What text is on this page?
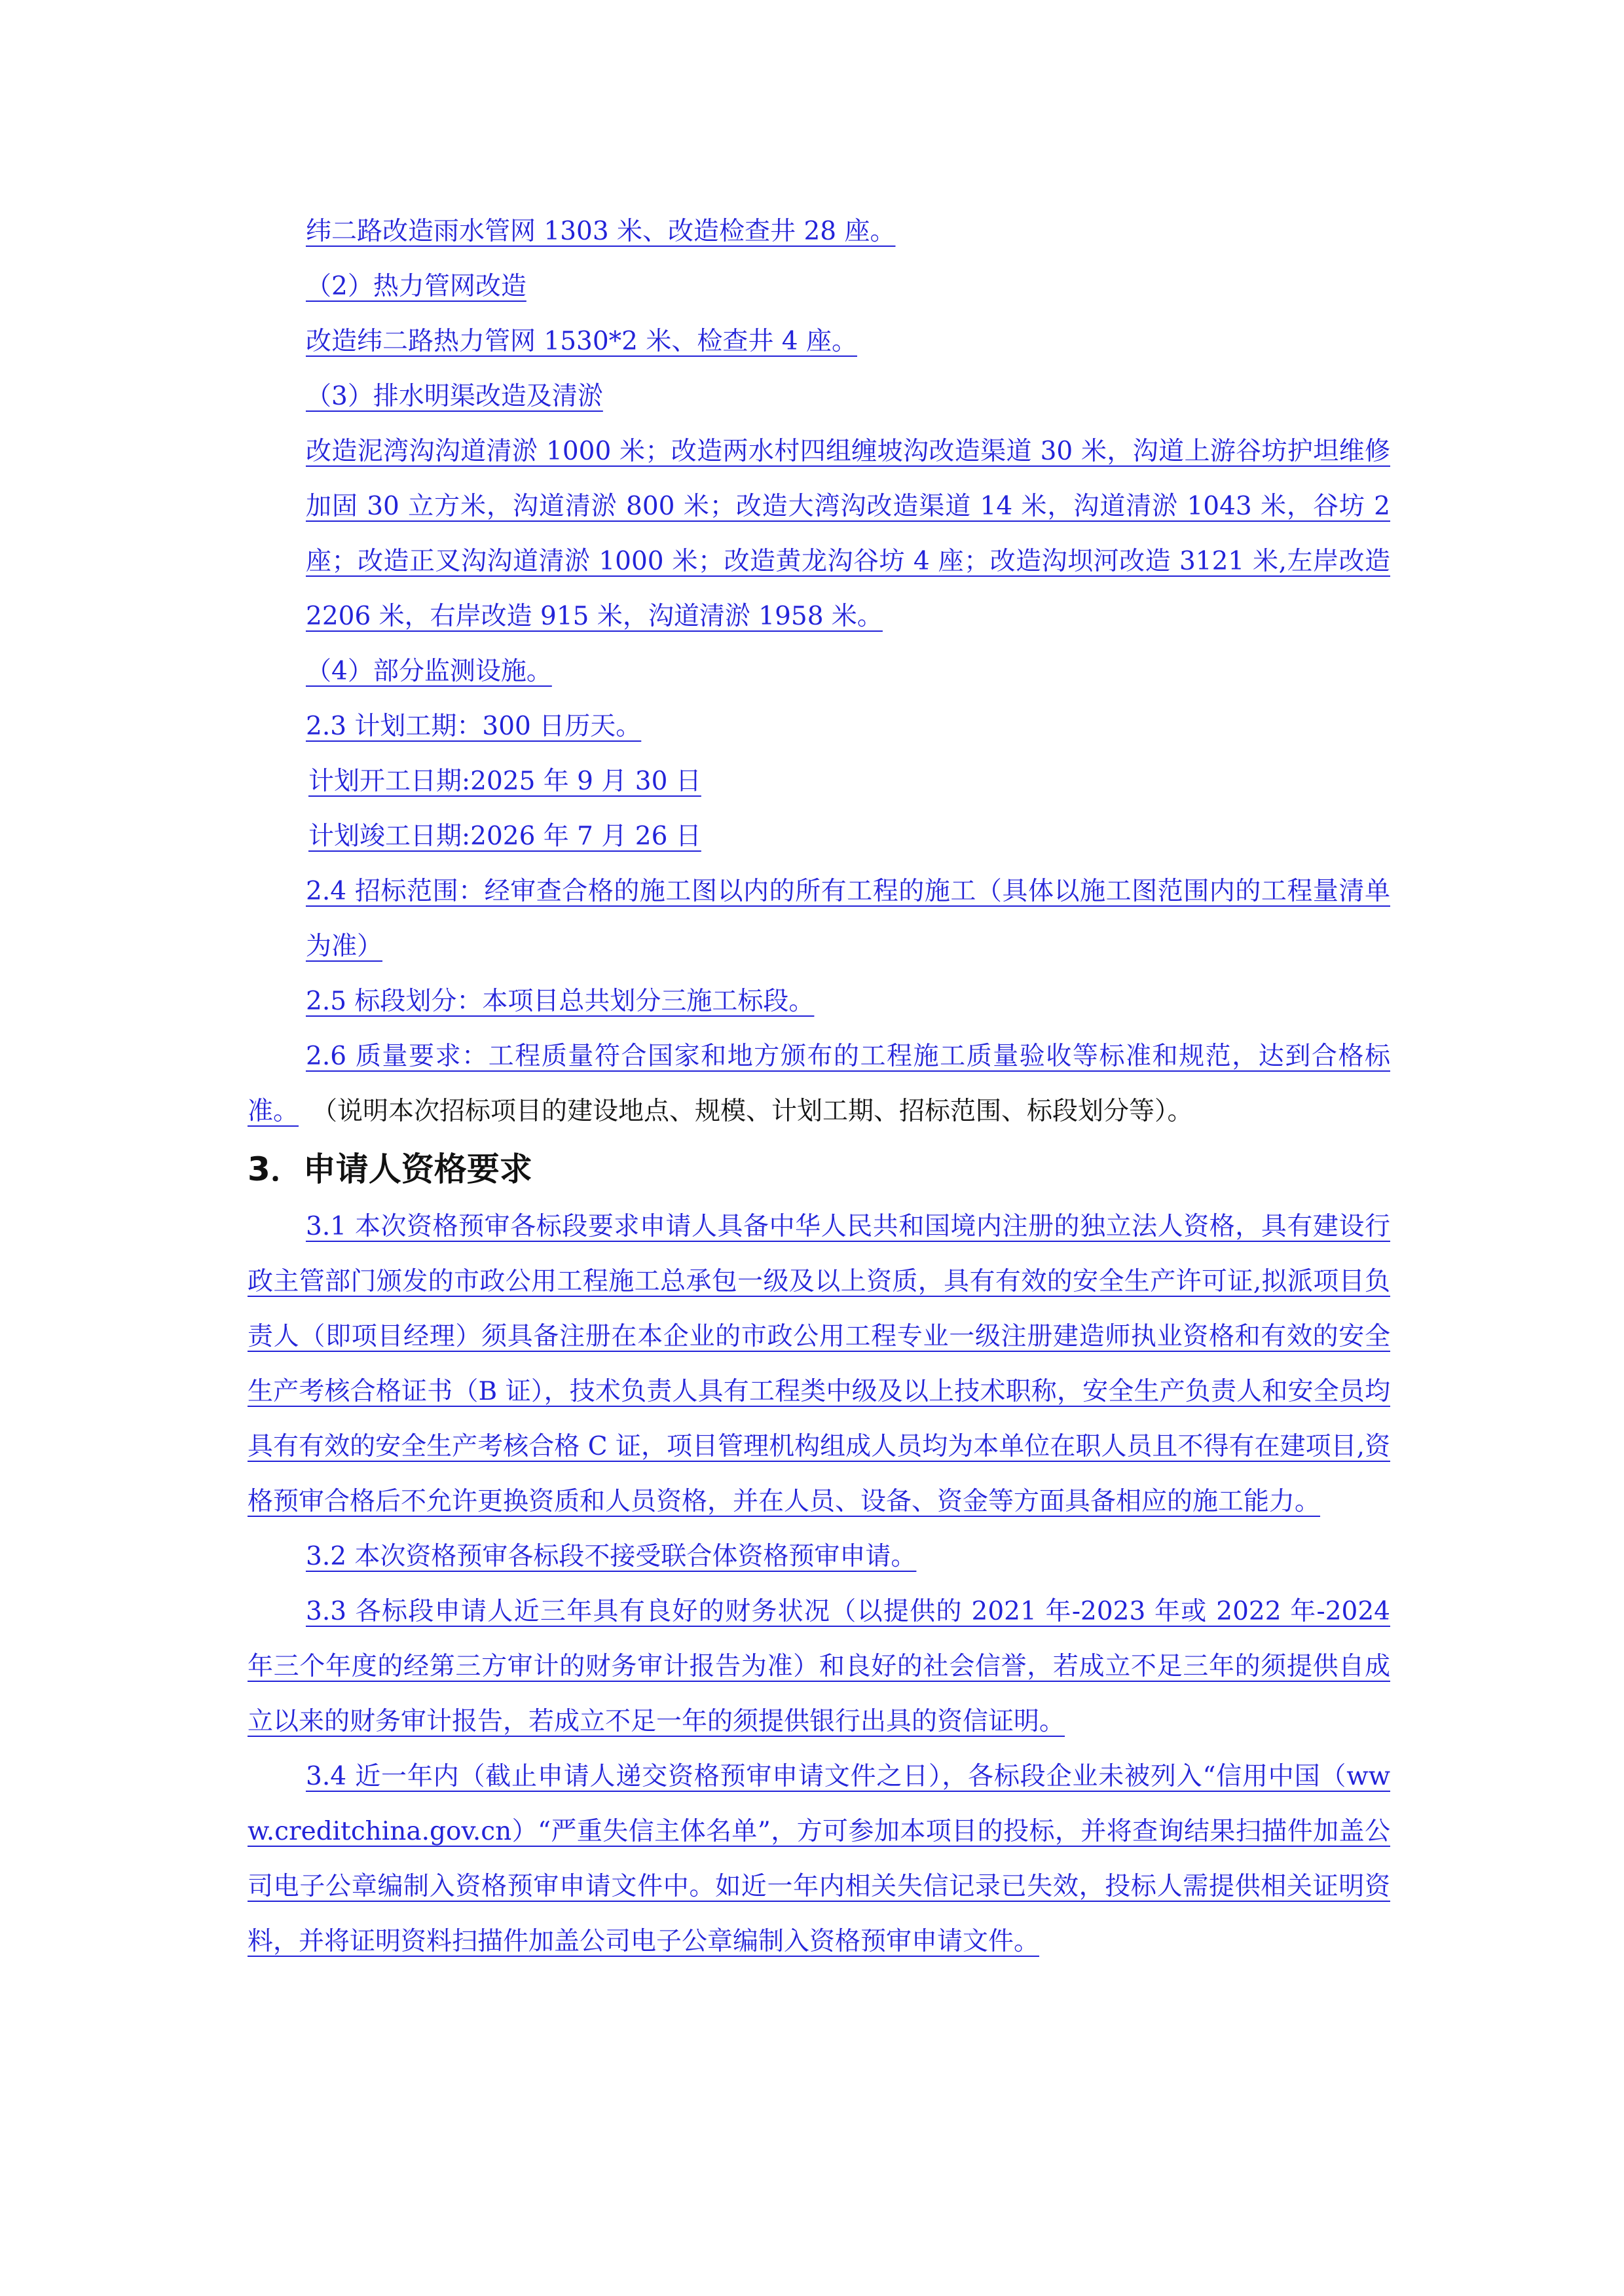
纬二路改造雨水管网 1303 米、改造检查井 28 座。

（2）热力管网改造

改造纬二路热力管网 1530*2 米、检查井 4 座。

（3）排水明渠改造及清淤

改造泥湾沟沟道清淤 1000 米；改造两水村四组缠坡沟改造渠道 30 米，沟道上游谷坊护坦维修加固 30 立方米，沟道清淤 800 米；改造大湾沟改造渠道 14 米，沟道清淤 1043 米，谷坊 2 座；改造正叉沟沟道清淤 1000 米；改造黄龙沟谷坊 4 座；改造沟坝河改造 3121 米,左岸改造 2206 米，右岸改造 915 米，沟道清淤 1958 米。

（4）部分监测设施。

2.3 计划工期：300 日历天。

计划开工日期:2025 年 9 月 30 日

计划竣工日期:2026 年 7 月 26 日

2.4 招标范围：经审查合格的施工图以内的所有工程的施工（具体以施工图范围内的工程量清单为准）

2.5 标段划分：本项目总共划分三施工标段。

2.6 质量要求：工程质量符合国家和地方颁布的工程施工质量验收等标准和规范，达到合格标准。 （说明本次招标项目的建设地点、规模、计划工期、招标范围、标段划分等）。

3．申请人资格要求

3.1 本次资格预审各标段要求申请人具备中华人民共和国境内注册的独立法人资格，具有建设行政主管部门颁发的市政公用工程施工总承包一级及以上资质，具有有效的安全生产许可证,拟派项目负责人（即项目经理）须具备注册在本企业的市政公用工程专业一级注册建造师执业资格和有效的安全生产考核合格证书（B 证），技术负责人具有工程类中级及以上技术职称，安全生产负责人和安全员均具有有效的安全生产考核合格 C 证，项目管理机构组成人员均为本单位在职人员且不得有在建项目,资格预审合格后不允许更换资质和人员资格，并在人员、设备、资金等方面具备相应的施工能力。

3.2 本次资格预审各标段不接受联合体资格预审申请。

3.3 各标段申请人近三年具有良好的财务状况（以提供的 2021 年-2023 年或 2022 年-2024 年三个年度的经第三方审计的财务审计报告为准）和良好的社会信誉，若成立不足三年的须提供自成立以来的财务审计报告，若成立不足一年的须提供银行出具的资信证明。

3.4 近一年内（截止申请人递交资格预审申请文件之日），各标段企业未被列入“信用中国（www.creditchina.gov.cn）“严重失信主体名单”，方可参加本项目的投标，并将查询结果扫描件加盖公司电子公章编制入资格预审申请文件中。如近一年内相关失信记录已失效，投标人需提供相关证明资料，并将证明资料扫描件加盖公司电子公章编制入资格预审申请文件。
